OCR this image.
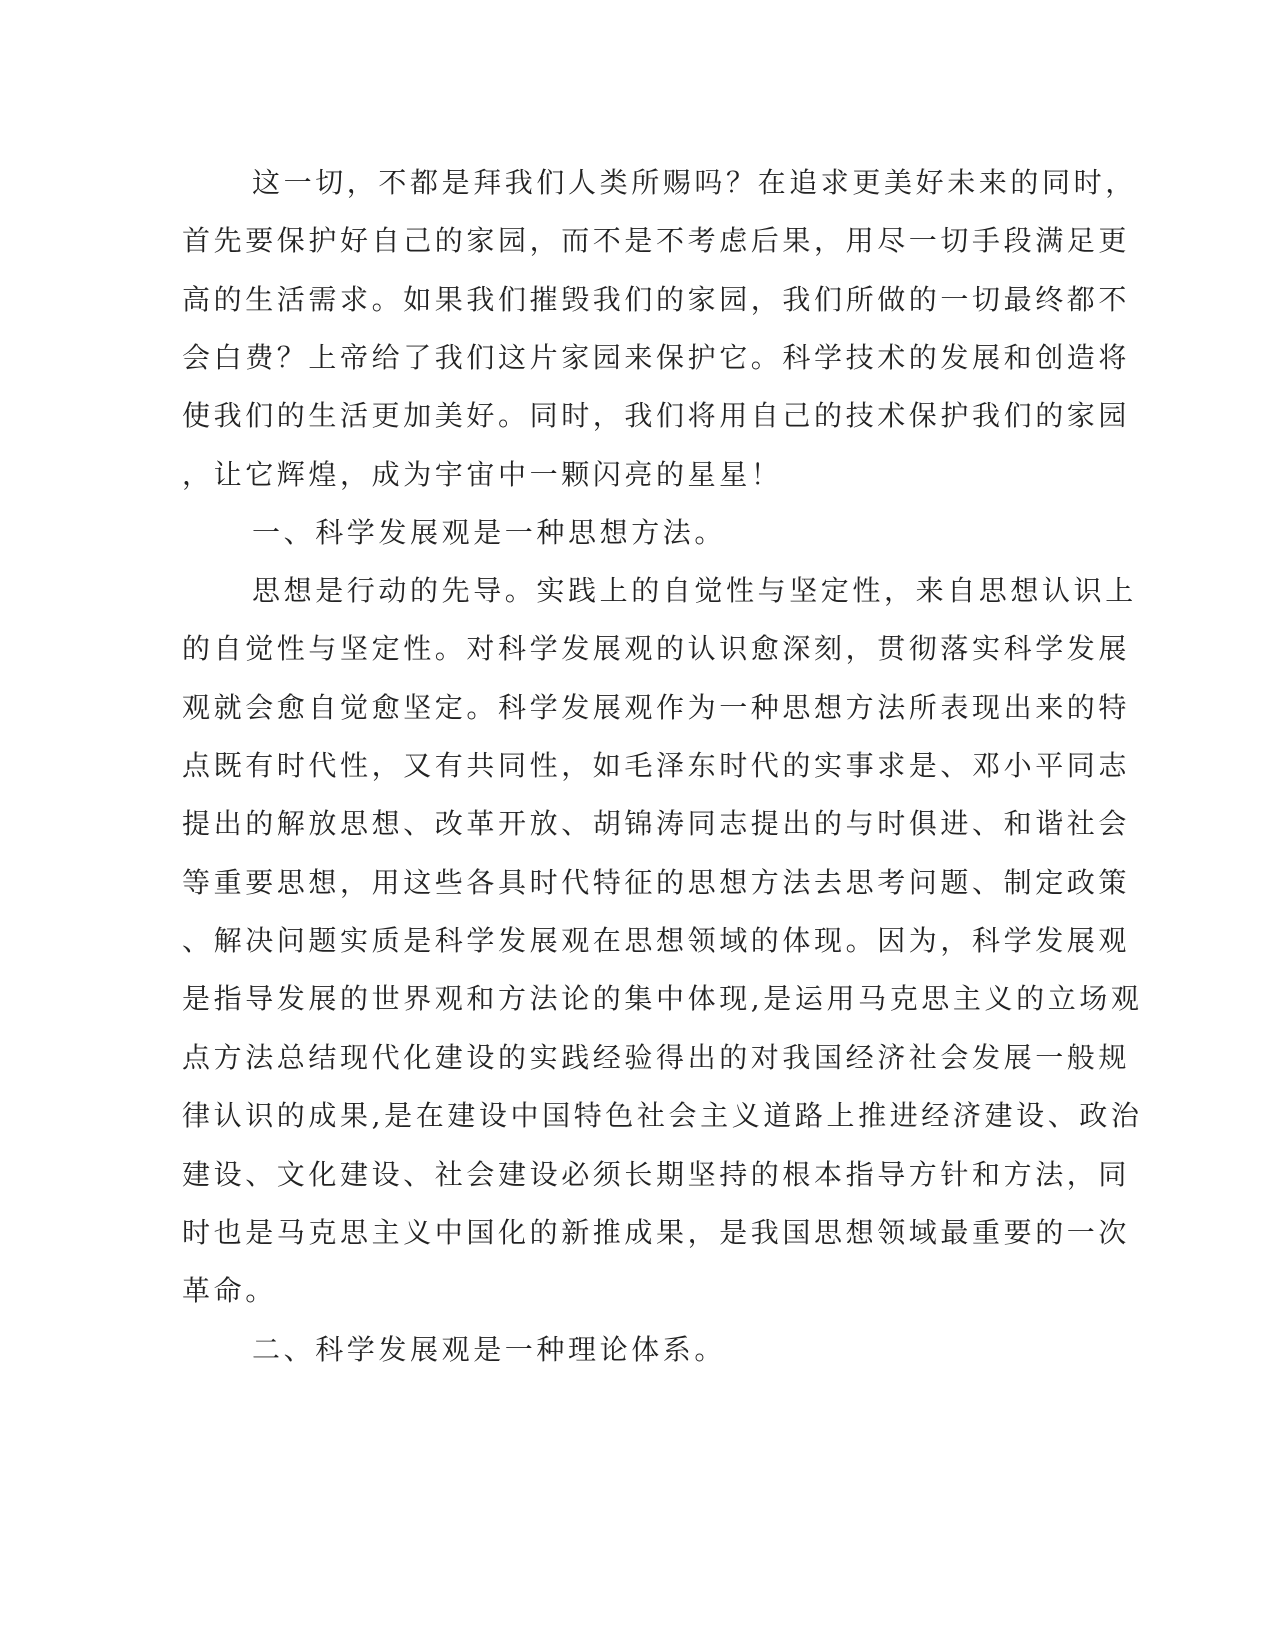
这一切，不都是拜我们人类所赐吗？在追求更美好未来的同时，
首先要保护好自己的家园，而不是不考虑后果，用尽一切手段满足更
高的生活需求。如果我们摧毁我们的家园，我们所做的一切最终都不
会白费？上帝给了我们这片家园来保护它。科学技术的发展和创造将
使我们的生活更加美好。同时，我们将用自己的技术保护我们的家园
，让它辉煌，成为宇宙中一颗闪亮的星星！
一、科学发展观是一种思想方法。
思想是行动的先导。实践上的自觉性与坚定性，来自思想认识上
的自觉性与坚定性。对科学发展观的认识愈深刻，贯彻落实科学发展
观就会愈自觉愈坚定。科学发展观作为一种思想方法所表现出来的特
点既有时代性，又有共同性，如毛泽东时代的实事求是、邓小平同志
提出的解放思想、改革开放、胡锦涛同志提出的与时俱进、和谐社会
等重要思想，用这些各具时代特征的思想方法去思考问题、制定政策
、解决问题实质是科学发展观在思想领域的体现。因为，科学发展观
是指导发展的世界观和方法论的集中体现,是运用马克思主义的立场观
点方法总结现代化建设的实践经验得出的对我国经济社会发展一般规
律认识的成果,是在建设中国特色社会主义道路上推进经济建设、政治
建设、文化建设、社会建设必须长期坚持的根本指导方针和方法，同
时也是马克思主义中国化的新推成果，是我国思想领域最重要的一次
革命。
二、科学发展观是一种理论体系。
